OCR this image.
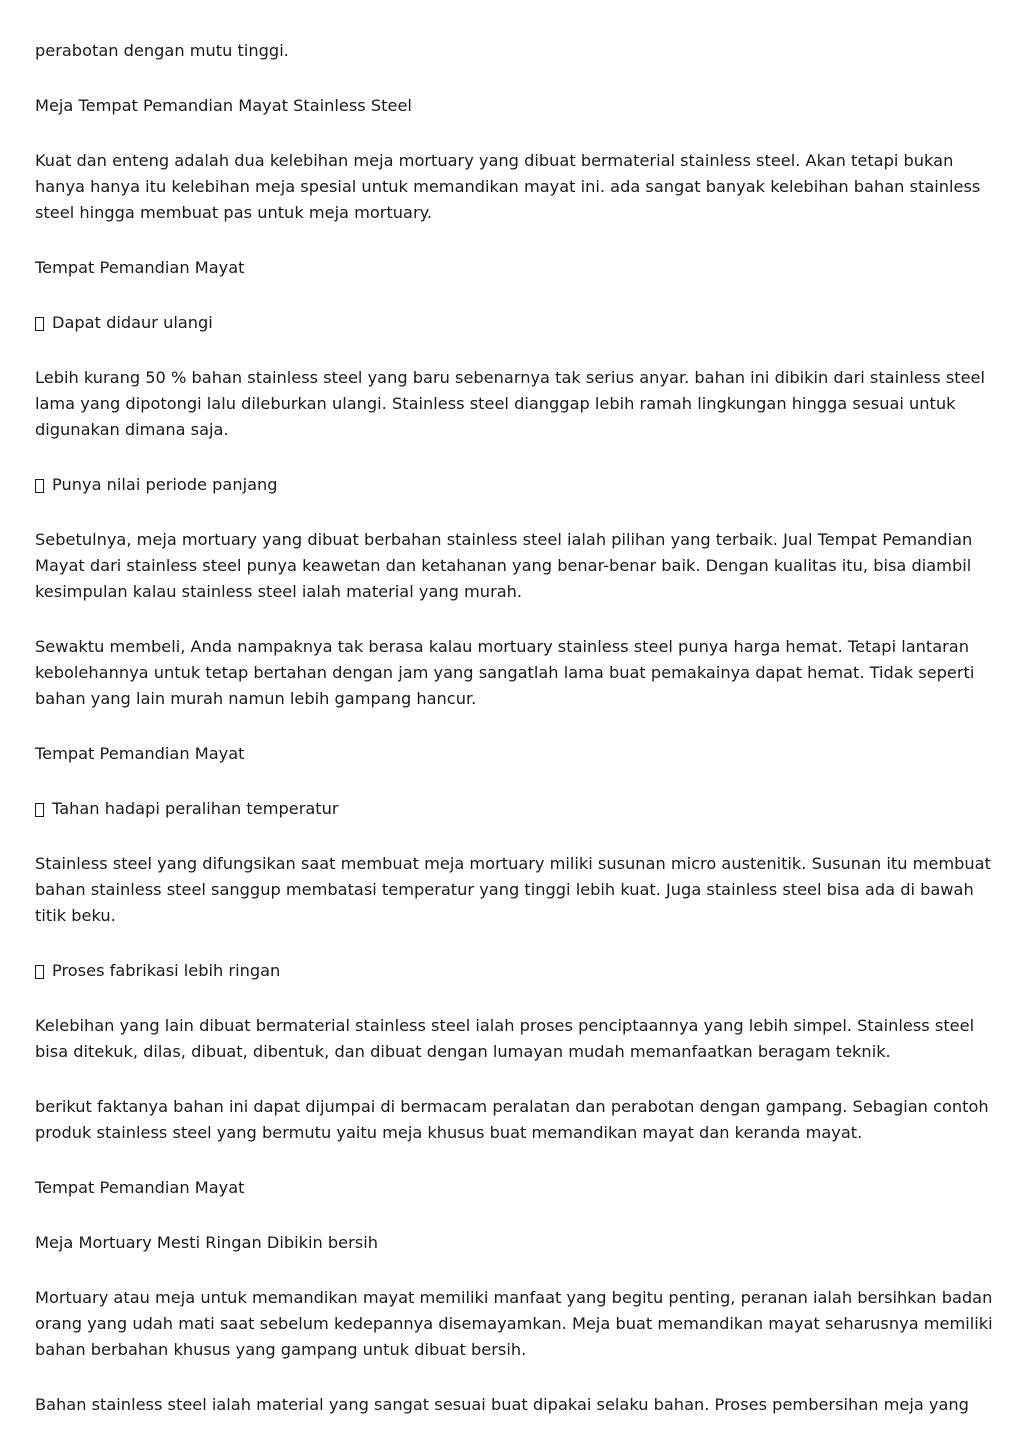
perabotan dengan mutu tinggi.

Meja Tempat Pemandian Mayat Stainless Steel

Kuat dan enteng adalah dua kelebihan meja mortuary yang dibuat bermaterial stainless steel. Akan tetapi bukan hanya hanya itu kelebihan meja spesial untuk memandikan mayat ini. ada sangat banyak kelebihan bahan stainless steel hingga membuat pas untuk meja mortuary.

Tempat Pemandian Mayat

Dapat didaur ulangi

Lebih kurang 50 % bahan stainless steel yang baru sebenarnya tak serius anyar. bahan ini dibikin dari stainless steel lama yang dipotongi lalu dileburkan ulangi. Stainless steel dianggap lebih ramah lingkungan hingga sesuai untuk digunakan dimana saja.

Punya nilai periode panjang

Sebetulnya, meja mortuary yang dibuat berbahan stainless steel ialah pilihan yang terbaik. Jual Tempat Pemandian Mayat dari stainless steel punya keawetan dan ketahanan yang benar-benar baik. Dengan kualitas itu, bisa diambil kesimpulan kalau stainless steel ialah material yang murah.

Sewaktu membeli, Anda nampaknya tak berasa kalau mortuary stainless steel punya harga hemat. Tetapi lantaran kebolehannya untuk tetap bertahan dengan jam yang sangatlah lama buat pemakainya dapat hemat. Tidak seperti bahan yang lain murah namun lebih gampang hancur.

Tempat Pemandian Mayat

Tahan hadapi peralihan temperatur

Stainless steel yang difungsikan saat membuat meja mortuary miliki susunan micro austenitik. Susunan itu membuat bahan stainless steel sanggup membatasi temperatur yang tinggi lebih kuat. Juga stainless steel bisa ada di bawah titik beku.

Proses fabrikasi lebih ringan

Kelebihan yang lain dibuat bermaterial stainless steel ialah proses penciptaannya yang lebih simpel. Stainless steel bisa ditekuk, dilas, dibuat, dibentuk, dan dibuat dengan lumayan mudah memanfaatkan beragam teknik.

berikut faktanya bahan ini dapat dijumpai di bermacam peralatan dan perabotan dengan gampang. Sebagian contoh produk stainless steel yang bermutu yaitu meja khusus buat memandikan mayat dan keranda mayat.

Tempat Pemandian Mayat

Meja Mortuary Mesti Ringan Dibikin bersih

Mortuary atau meja untuk memandikan mayat memiliki manfaat yang begitu penting, peranan ialah bersihkan badan orang yang udah mati saat sebelum kedepannya disemayamkan. Meja buat memandikan mayat seharusnya memiliki bahan berbahan khusus yang gampang untuk dibuat bersih.

Bahan stainless steel ialah material yang sangat sesuai buat dipakai selaku bahan. Proses pembersihan meja yang
